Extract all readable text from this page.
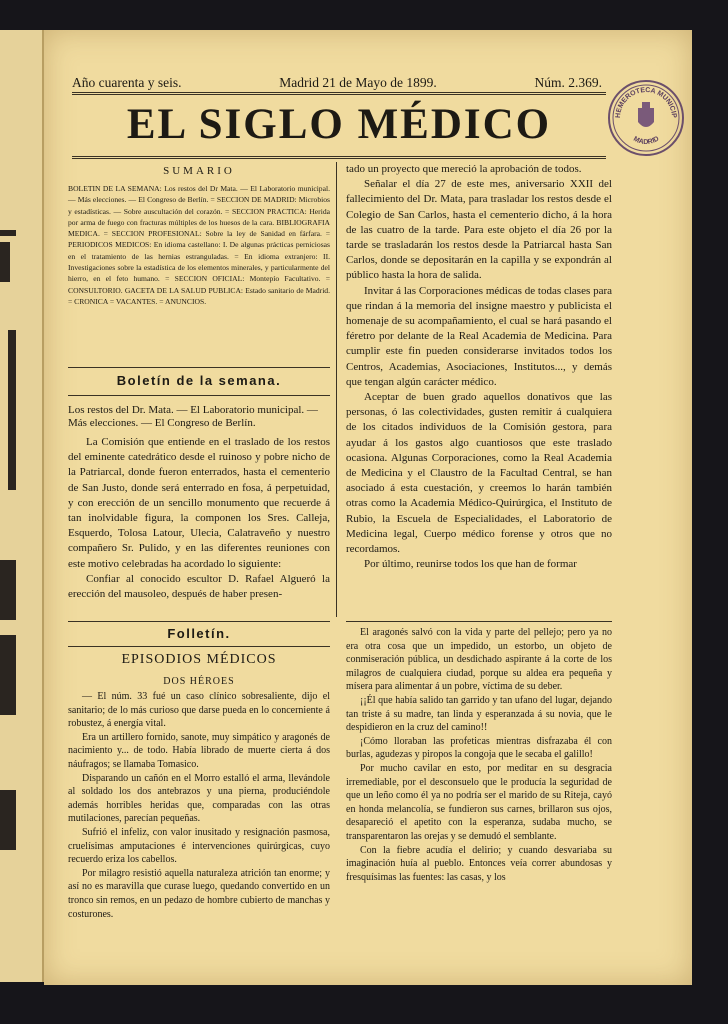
Año cuarenta y seis.	Madrid 21 de Mayo de 1899.	Núm. 2.369.
EL SIGLO MÉDICO	HEMEROTECA MUNICIP
MADRID

SUMARIO

BOLETIN DE LA SEMANA: Los restos del Dr Mata. — El Laboratorio municipal. — Más elecciones. — El Congreso de Berlín. = SECCION DE MADRID: Microbios y estadísticas. — Sobre auscultación del corazón. = SECCION PRACTICA: Herida por arma de fuego con fracturas múltiples de los huesos de la cara. BIBLIOGRAFIA MEDICA. = SECCION PROFESIONAL: Sobre la ley de Sanidad en fárfara. = PERIODICOS MEDICOS: En idioma castellano: I. De algunas prácticas perniciosas en el tratamiento de las hernias estranguladas. = En idioma extranjero: II. Investigaciones sobre la estadística de los elementos minerales, y particularmente del hierro, en el feto humano. = SECCION OFICIAL: Montepío Facultativo. = CONSULTORIO. GACETA DE LA SALUD PUBLICA: Estado sanitario de Madrid. = CRONICA = VACANTES. = ANUNCIOS.

Boletín de la semana.

Los restos del Dr. Mata. — El Laboratorio municipal. — Más elecciones. — El Congreso de Berlín.

La Comisión que entiende en el traslado de los restos del eminente catedrático desde el ruinoso y pobre nicho de la Patriarcal, donde fueron enterrados, hasta el cementerio de San Justo, donde será enterrado en fosa, á perpetuidad, y con erección de un sencillo monumento que recuerde á tan inolvidable figura, la componen los Sres. Calleja, Esquerdo, Tolosa Latour, Ulecia, Calatraveño y nuestro compañero Sr. Pulido, y en las diferentes reuniones con este motivo celebradas ha acordado lo siguiente:

Confiar al conocido escultor D. Rafael Algueró la erección del mausoleo, después de haber presen-

tado un proyecto que mereció la aprobación de todos.

Señalar el día 27 de este mes, aniversario XXII del fallecimiento del Dr. Mata, para trasladar los restos desde el Colegio de San Carlos, hasta el cementerio dicho, á la hora de las cuatro de la tarde. Para este objeto el día 26 por la tarde se trasladarán los restos desde la Patriarcal hasta San Carlos, donde se depositarán en la capilla y se expondrán al público hasta la hora de salida.

Invitar á las Corporaciones médicas de todas clases para que rindan á la memoria del insigne maestro y publicista el homenaje de su acompañamiento, el cual se hará pasando el féretro por delante de la Real Academia de Medicina. Para cumplir este fin pueden considerarse invitados todos los Centros, Academias, Asociaciones, Institutos..., y demás que tengan algún carácter médico.

Aceptar de buen grado aquellos donativos que las personas, ó las colectividades, gusten remitir á cualquiera de los citados individuos de la Comisión gestora, para ayudar á los gastos algo cuantiosos que este traslado ocasiona. Algunas Corporaciones, como la Real Academia de Medicina y el Claustro de la Facultad Central, se han asociado á esta cuestación, y creemos lo harán también otras como la Academia Médico-Quirúrgica, el Instituto de Rubio, la Escuela de Especialidades, el Laboratorio de Medicina legal, Cuerpo médico forense y otros que no recordamos.

Por último, reunirse todos los que han de formar

Folletín.

EPISODIOS MÉDICOS

DOS HÉROES

— El núm. 33 fué un caso clínico sobresaliente, dijo el sanitario; de lo más curioso que darse pueda en lo concerniente á robustez, á energía vital.

Era un artillero fornido, sanote, muy simpático y aragonés de nacimiento y... de todo. Había librado de muerte cierta á dos náufragos; se llamaba Tomasico.

Disparando un cañón en el Morro estalló el arma, llevándole al soldado los dos antebrazos y una pierna, produciéndole además horribles heridas que, comparadas con las otras mutilaciones, parecían pequeñas.

Sufrió el infeliz, con valor inusitado y resignación pasmosa, cruelísimas amputaciones é intervenciones quirúrgicas, cuyo recuerdo eriza los cabellos.

Por milagro resistió aquella naturaleza atrición tan enorme; y así no es maravilla que curase luego, quedando convertido en un tronco sin remos, en un pedazo de hombre cubierto de manchas y costurones.

El aragonés salvó con la vida y parte del pellejo; pero ya no era otra cosa que un impedido, un estorbo, un objeto de conmiseración pública, un desdichado aspirante á la corte de los milagros de cualquiera ciudad, porque su aldea era pequeña y mísera para alimentar á un pobre, víctima de su deber.

¡¡Él que había salido tan garrido y tan ufano del lugar, dejando tan triste á su madre, tan linda y esperanzada á su novia, que le despidieron en la cruz del camino!!

¡Cómo lloraban las profeticas mientras disfrazaba él con burlas, agudezas y piropos la congoja que le secaba el galillo!

Por mucho cavilar en esto, por meditar en su desgracia irremediable, por el desconsuelo que le producía la seguridad de que un leño como él ya no podría ser el marido de su Riteja, cayó en honda melancolía, se fundieron sus carnes, brillaron sus ojos, desapareció el apetito con la esperanza, sudaba mucho, se transparentaron las orejas y se demudó el semblante.

Con la fiebre acudía el delirio; y cuando desvariaba su imaginación huía al pueblo. Entonces veía correr abundosas y fresquísimas las fuentes: las casas, y los
